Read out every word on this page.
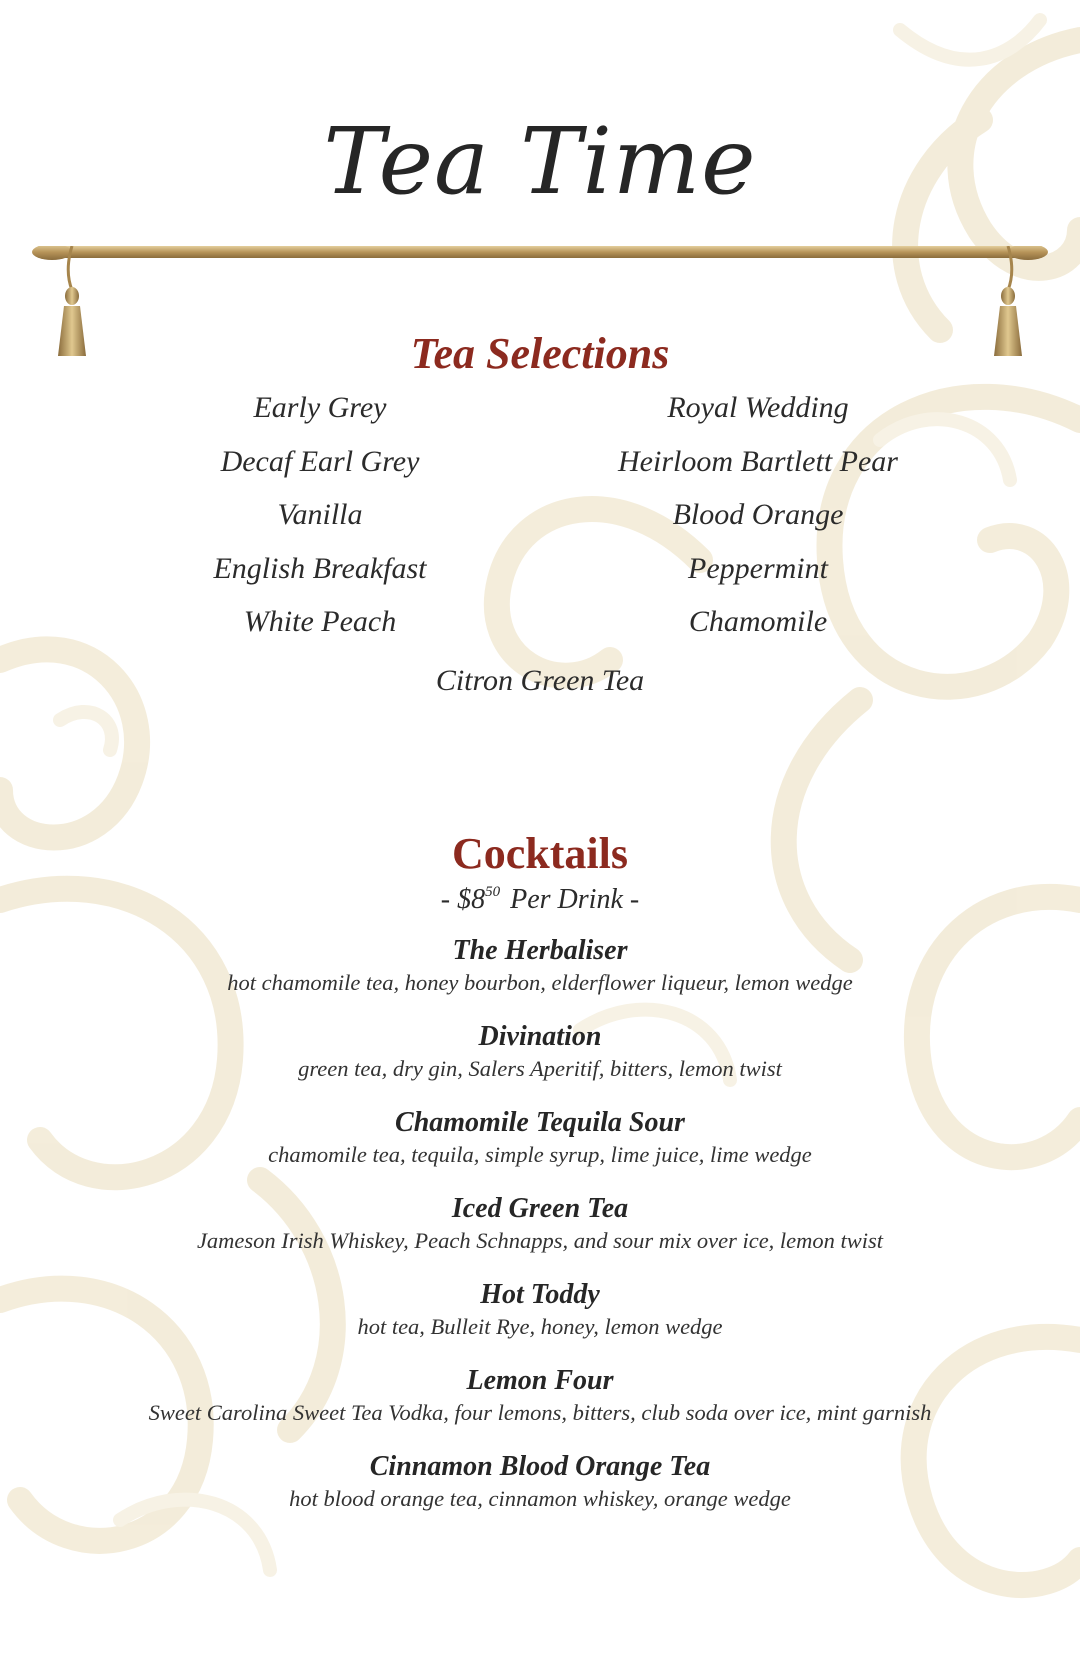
Tea Time
Tea Selections
Early Grey
Decaf Earl Grey
Vanilla
English Breakfast
White Peach
Royal Wedding
Heirloom Bartlett Pear
Blood Orange
Peppermint
Chamomile
Citron Green Tea
Cocktails
- $\$8^{50}$ Per Drink -
The Herbaliser
hot chamomile tea, honey bourbon, elderflower liqueur, lemon wedge
Divination
green tea, dry gin, Salers Aperitif, bitters, lemon twist
Chamomile Tequila Sour
chamomile tea, tequila, simple syrup, lime juice, lime wedge
Iced Green Tea
Jameson Irish Whiskey, Peach Schnapps, and sour mix over ice, lemon twist
Hot Toddy
hot tea, Bulleit Rye, honey, lemon wedge
Lemon Four
Sweet Carolina Sweet Tea Vodka, four lemons, bitters, club soda over ice, mint garnish
Cinnamon Blood Orange Tea
hot blood orange tea, cinnamon whiskey, orange wedge
